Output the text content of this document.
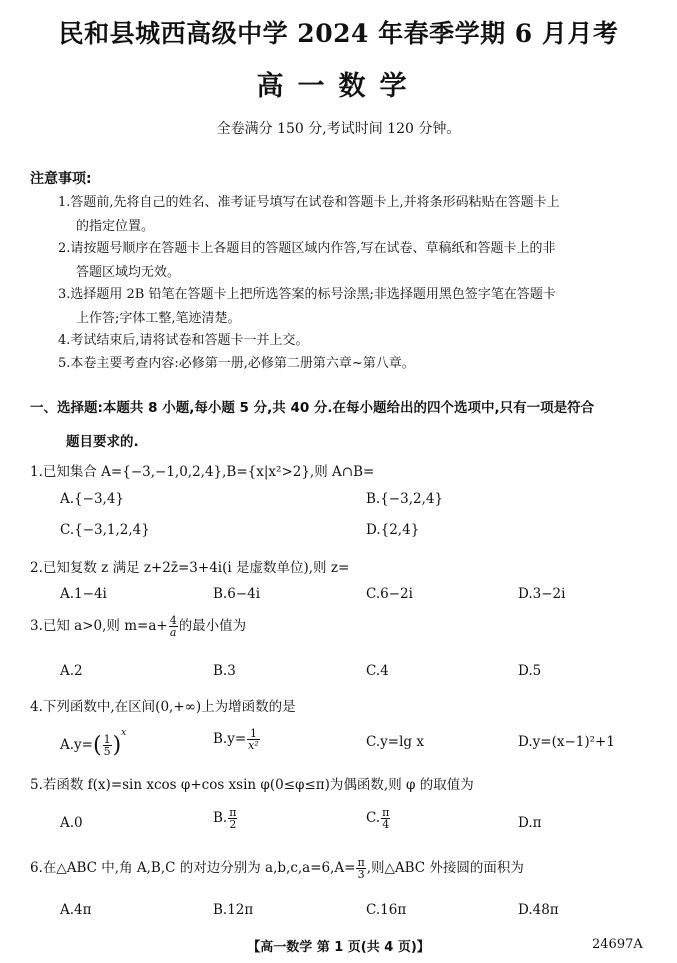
民和县城西高级中学 2024 年春季学期 6 月月考
高一数学
全卷满分 150 分,考试时间 120 分钟。
注意事项:
1.答题前,先将自己的姓名、准考证号填写在试卷和答题卡上,并将条形码粘贴在答题卡上
的指定位置。
2.请按题号顺序在答题卡上各题目的答题区域内作答,写在试卷、草稿纸和答题卡上的非
答题区域均无效。
3.选择题用 2B 铅笔在答题卡上把所选答案的标号涂黑;非选择题用黑色签字笔在答题卡
上作答;字体工整,笔迹清楚。
4.考试结束后,请将试卷和答题卡一并上交。
5.本卷主要考查内容:必修第一册,必修第二册第六章~第八章。
一、选择题:本题共 8 小题,每小题 5 分,共 40 分.在每小题给出的四个选项中,只有一项是符合
题目要求的.
1.已知集合 A={−3,−1,0,2,4},B={x|x²>2},则 A∩B=
A.{−3,4}	B.{−3,2,4}
C.{−3,1,2,4}	D.{2,4}
2.已知复数 z 满足 z+2z̄=3+4i(i 是虚数单位),则 z=
A.1−4i	B.6−4i	C.6−2i	D.3−2i
3.已知 a>0,则 $m=a+ \frac{4}{a}$ 的最小值为
A.2	B.3	C.4	D.5
4.下列函数中,在区间(0,+∞)上为增函数的是
$A.y=( \frac{1}{5} )^x$	$B.y= \frac{1}{\text{x²}}$	C.y=lg x	D.y=(x−1)²+1
5.若函数 f(x)=sin xcos φ+cos xsin φ(0≤φ≤π)为偶函数,则 φ 的取值为
A.0	B. $\frac{\pi}{2}$	C. $\frac{\pi}{4}$	D.π
6.在△ABC 中,角 A,B,C 的对边分别为 $a,b,c,a=6,A= \frac{\pi}{3}$ ,则△ABC 外接圆的面积为
A.4π	B.12π	C.16π	D.48π
【高一数学 第 1 页(共 4 页)】	24697A
